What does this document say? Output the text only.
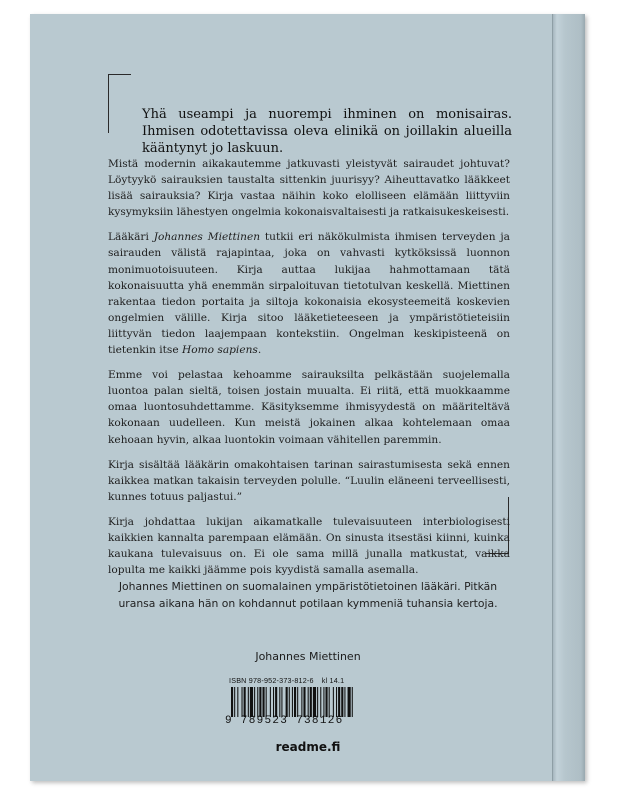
Yhä useampi ja nuorempi ihminen on monisairas. Ihmisen odotettavissa oleva elinikä on joillakin alueilla kääntynyt jo laskuun.

Mistä modernin aikakautemme jatkuvasti yleistyvät sairaudet johtuvat? Löytyykö sairauksien taustalta sittenkin juurisyy? Aiheuttavatko lääkkeet lisää sairauksia? Kirja vastaa näihin koko elolliseen elämään liittyviin kysymyksiin lähestyen ongelmia kokonaisvaltaisesti ja ratkaisukeskeisesti.

Lääkäri Johannes Miettinen tutkii eri näkökulmista ihmisen terveyden ja sairauden välistä rajapintaa, joka on vahvasti kytköksissä luonnon monimuotoisuuteen. Kirja auttaa lukijaa hahmottamaan tätä kokonaisuutta yhä enemmän sirpaloituvan tietotulvan keskellä. Miettinen rakentaa tiedon portaita ja siltoja kokonaisia ekosysteemeitä koskevien ongelmien välille. Kirja sitoo lääketieteeseen ja ympäristötieteisiin liittyvän tiedon laajempaan kontekstiin. Ongelman keskipisteenä on tietenkin itse Homo sapiens.

Emme voi pelastaa kehoamme sairauksilta pelkästään suojelemalla luontoa palan sieltä, toisen jostain muualta. Ei riitä, että muokkaamme omaa luontosuhdettamme. Käsityksemme ihmisyydestä on määriteltävä kokonaan uudelleen. Kun meistä jokainen alkaa kohtelemaan omaa kehoaan hyvin, alkaa luontokin voimaan vähitellen paremmin.

Kirja sisältää lääkärin omakohtaisen tarinan sairastumisesta sekä ennen kaikkea matkan takaisin terveyden polulle. “Luulin eläneeni terveellisesti, kunnes totuus paljastui.”

Kirja johdattaa lukijan aikamatkalle tulevaisuuteen interbiologisesti kaikkien kannalta parempaan elämään. On sinusta itsestäsi kiinni, kuinka kaukana tulevaisuus on. Ei ole sama millä junalla matkustat, vaikka lopulta me kaikki jäämme pois kyydistä samalla asemalla.

Johannes Miettinen on suomalainen ympäristötietoinen lääkäri. Pitkän uransa aikana hän on kohdannut potilaan kymmeniä tuhansia kertoja.
Johannes Miettinen
ISBN 978-952-373-812-6 kl 14.1
9 789523 738126
readme.fi
